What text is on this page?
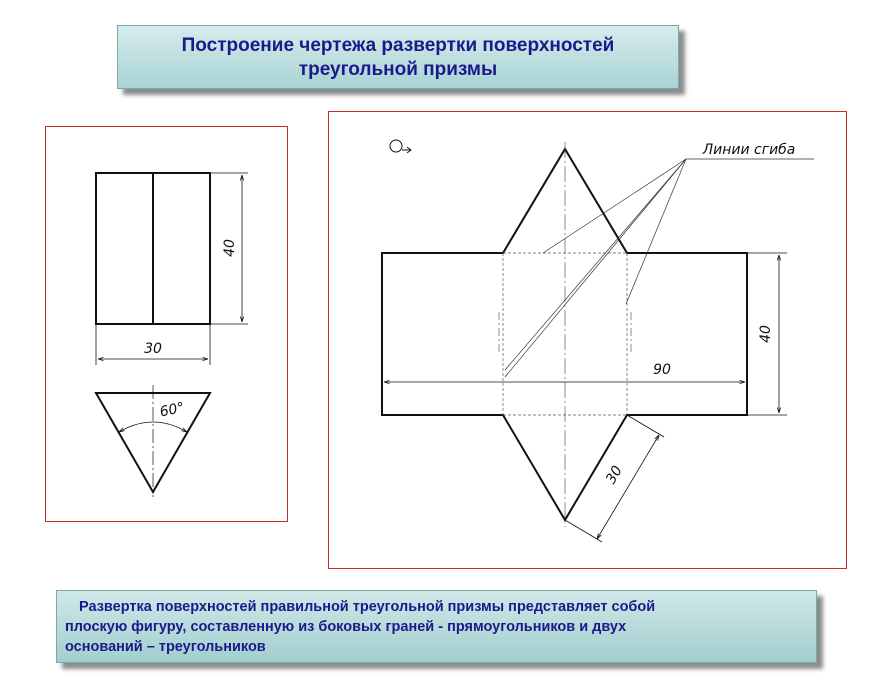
Построение чертежа развертки поверхностей
треугольной призмы
40
30
60°
Линии сгиба
90
40
30
Развертка поверхностей правильной треугольной призмы представляет собой
плоскую фигуру, составленную из боковых граней - прямоугольников и двух
оснований – треугольников
